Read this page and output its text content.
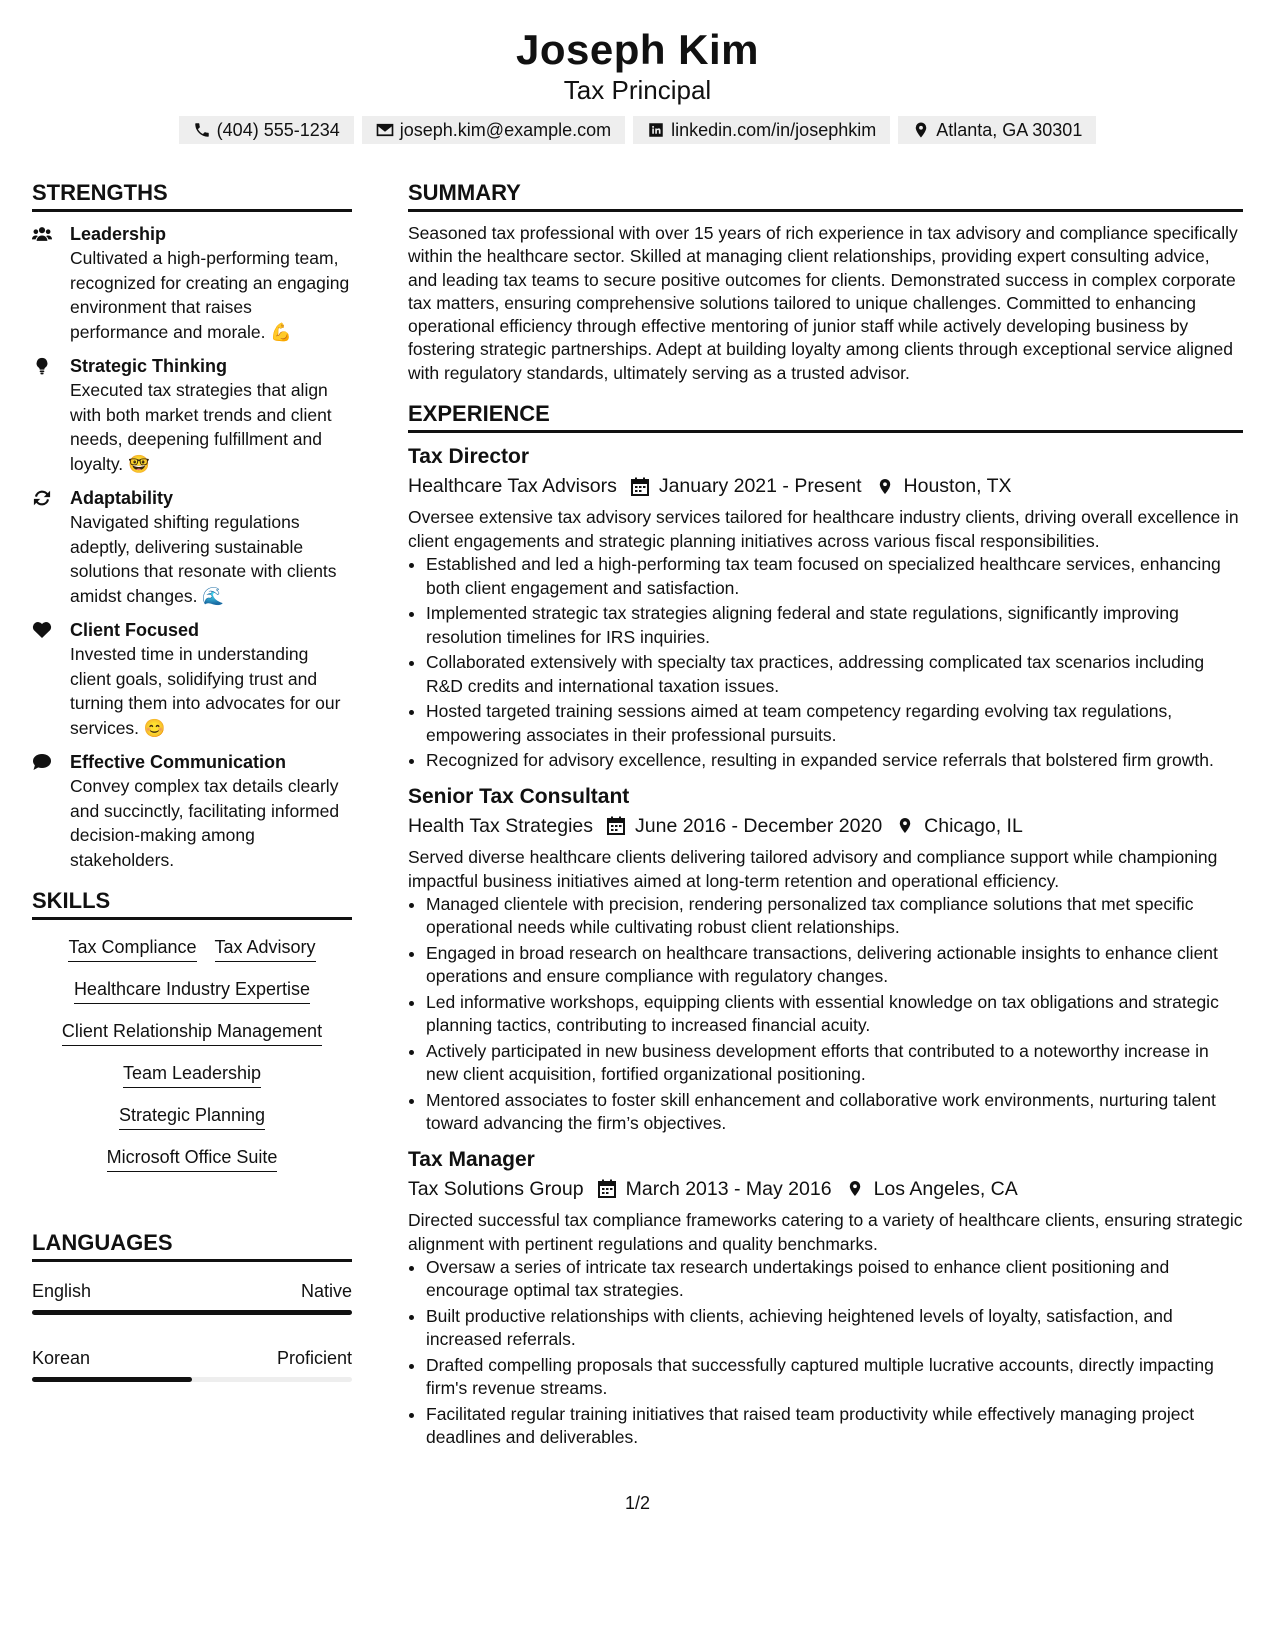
Joseph Kim
Tax Principal
(404) 555-1234	joseph.kim@example.com	linkedin.com/in/josephkim	Atlanta, GA 30301
STRENGTHS
Leadership
Cultivated a high-performing team, recognized for creating an engaging environment that raises performance and morale. 💪
Strategic Thinking
Executed tax strategies that align with both market trends and client needs, deepening fulfillment and loyalty. 🤓
Adaptability
Navigated shifting regulations adeptly, delivering sustainable solutions that resonate with clients amidst changes. 🌊
Client Focused
Invested time in understanding client goals, solidifying trust and turning them into advocates for our services. 😊
Effective Communication
Convey complex tax details clearly and succinctly, facilitating informed decision-making among stakeholders.
SKILLS
Tax Compliance Tax Advisory
Healthcare Industry Expertise
Client Relationship Management
Team Leadership
Strategic Planning
Microsoft Office Suite
LANGUAGES
English	Native
Korean	Proficient
SUMMARY
Seasoned tax professional with over 15 years of rich experience in tax advisory and compliance specifically within the healthcare sector. Skilled at managing client relationships, providing expert consulting advice, and leading tax teams to secure positive outcomes for clients. Demonstrated success in complex corporate tax matters, ensuring comprehensive solutions tailored to unique challenges. Committed to enhancing operational efficiency through effective mentoring of junior staff while actively developing business by fostering strategic partnerships. Adept at building loyalty among clients through exceptional service aligned with regulatory standards, ultimately serving as a trusted advisor.
EXPERIENCE
Tax Director
Healthcare Tax Advisors January 2021 - Present Houston, TX
Oversee extensive tax advisory services tailored for healthcare industry clients, driving overall excellence in client engagements and strategic planning initiatives across various fiscal responsibilities.
• Established and led a high-performing tax team focused on specialized healthcare services, enhancing both client engagement and satisfaction.
• Implemented strategic tax strategies aligning federal and state regulations, significantly improving resolution timelines for IRS inquiries.
• Collaborated extensively with specialty tax practices, addressing complicated tax scenarios including R&D credits and international taxation issues.
• Hosted targeted training sessions aimed at team competency regarding evolving tax regulations, empowering associates in their professional pursuits.
• Recognized for advisory excellence, resulting in expanded service referrals that bolstered firm growth.
Senior Tax Consultant
Health Tax Strategies June 2016 - December 2020 Chicago, IL
Served diverse healthcare clients delivering tailored advisory and compliance support while championing impactful business initiatives aimed at long-term retention and operational efficiency.
• Managed clientele with precision, rendering personalized tax compliance solutions that met specific operational needs while cultivating robust client relationships.
• Engaged in broad research on healthcare transactions, delivering actionable insights to enhance client operations and ensure compliance with regulatory changes.
• Led informative workshops, equipping clients with essential knowledge on tax obligations and strategic planning tactics, contributing to increased financial acuity.
• Actively participated in new business development efforts that contributed to a noteworthy increase in new client acquisition, fortified organizational positioning.
• Mentored associates to foster skill enhancement and collaborative work environments, nurturing talent toward advancing the firm’s objectives.
Tax Manager
Tax Solutions Group March 2013 - May 2016 Los Angeles, CA
Directed successful tax compliance frameworks catering to a variety of healthcare clients, ensuring strategic alignment with pertinent regulations and quality benchmarks.
• Oversaw a series of intricate tax research undertakings poised to enhance client positioning and encourage optimal tax strategies.
• Built productive relationships with clients, achieving heightened levels of loyalty, satisfaction, and increased referrals.
• Drafted compelling proposals that successfully captured multiple lucrative accounts, directly impacting firm's revenue streams.
• Facilitated regular training initiatives that raised team productivity while effectively managing project deadlines and deliverables.
1/2
